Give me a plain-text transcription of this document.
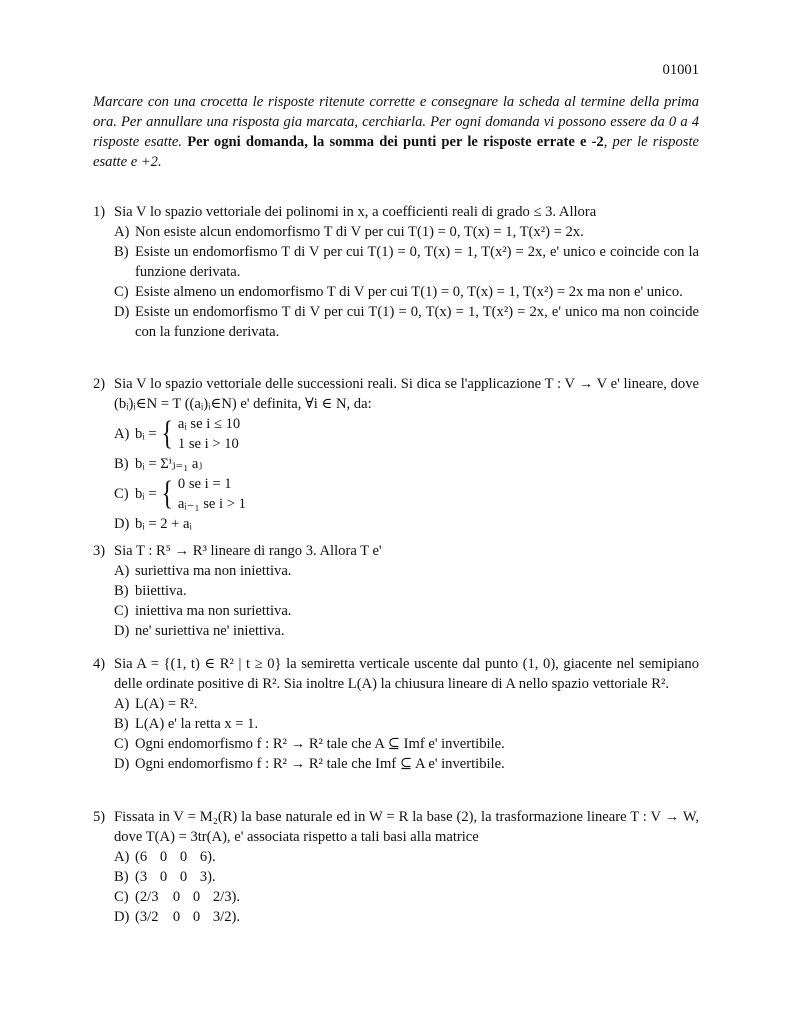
01001
Marcare con una crocetta le risposte ritenute corrette e consegnare la scheda al termine della prima ora. Per annullare una risposta gia marcata, cerchiarla. Per ogni domanda vi possono essere da 0 a 4 risposte esatte. Per ogni domanda, la somma dei punti per le risposte errate e -2, per le risposte esatte e +2.
1) Sia V lo spazio vettoriale dei polinomi in x, a coefficienti reali di grado ≤ 3. Allora
A) Non esiste alcun endomorfismo T di V per cui T(1) = 0, T(x) = 1, T(x²) = 2x.
B) Esiste un endomorfismo T di V per cui T(1) = 0, T(x) = 1, T(x²) = 2x, e' unico e coincide con la funzione derivata.
C) Esiste almeno un endomorfismo T di V per cui T(1) = 0, T(x) = 1, T(x²) = 2x ma non e' unico.
D) Esiste un endomorfismo T di V per cui T(1) = 0, T(x) = 1, T(x²) = 2x, e' unico ma non coincide con la funzione derivata.
2) Sia V lo spazio vettoriale delle successioni reali. Si dica se l'applicazione T : V → V e' lineare, dove (bᵢ)ᵢ∈N = T ((aᵢ)ᵢ∈N) e' definita, ∀i ∈ N, da:
A) bᵢ = { aᵢ se i ≤ 10
1 se i > 10
B) bᵢ = Σⁱⱼ₌₁ aⱼ
C) bᵢ = { 0 se i = 1
aᵢ₋₁ se i > 1
D) bᵢ = 2 + aᵢ
3) Sia T : R⁵ → R³ lineare di rango 3. Allora T e'
A) suriettiva ma non iniettiva.
B) biiettiva.
C) iniettiva ma non suriettiva.
D) ne' suriettiva ne' iniettiva.
4) Sia A = {(1, t) ∈ R² | t ≥ 0} la semiretta verticale uscente dal punto (1, 0), giacente nel semipiano delle ordinate positive di R². Sia inoltre L(A) la chiusura lineare di A nello spazio vettoriale R².
A) L(A) = R².
B) L(A) e' la retta x = 1.
C) Ogni endomorfismo f : R² → R² tale che A ⊆ Imf e' invertibile.
D) Ogni endomorfismo f : R² → R² tale che Imf ⊆ A e' invertibile.
5) Fissata in V = M₂(R) la base naturale ed in W = R la base (2), la trasformazione lineare T : V → W, dove T(A) = 3tr(A), e' associata rispetto a tali basi alla matrice
A) (6 0 0 6).
B) (3 0 0 3).
C) (2/3 0 0 2/3).
D) (3/2 0 0 3/2).
